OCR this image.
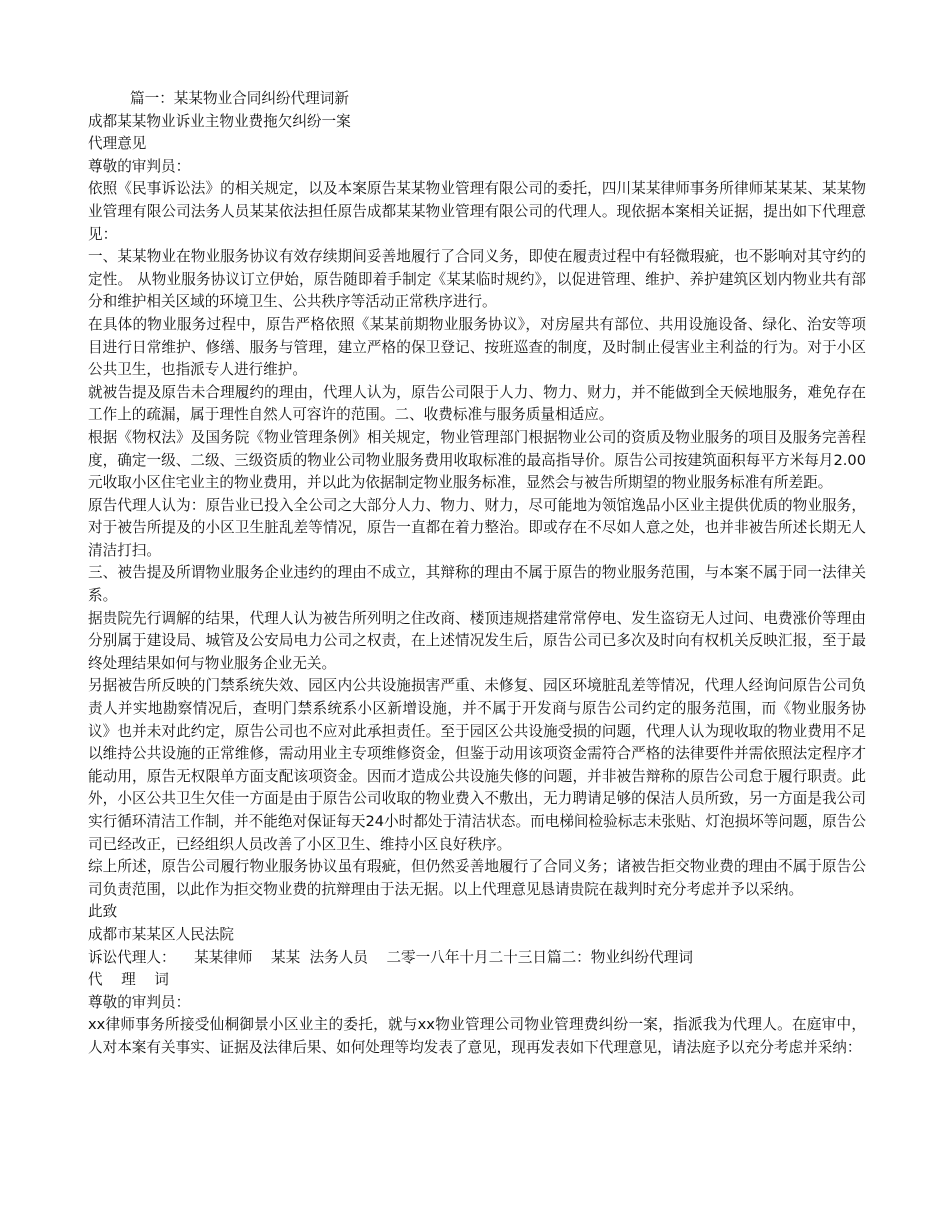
篇一：某某物业合同纠纷代理词新

成都某某物业诉业主物业费拖欠纠纷一案

代理意见

尊敬的审判员：

依照《民事诉讼法》的相关规定，以及本案原告某某物业管理有限公司的委托，四川某某律师事务所律师某某某、某某物业管理有限公司法务人员某某依法担任原告成都某某物业管理有限公司的代理人。现依据本案相关证据，提出如下代理意见：

一、某某物业在物业服务协议有效存续期间妥善地履行了合同义务，即使在履责过程中有轻微瑕疵，也不影响对其守约的定性。 从物业服务协议订立伊始，原告随即着手制定《某某临时规约》，以促进管理、维护、养护建筑区划内物业共有部分和维护相关区域的环境卫生、公共秩序等活动正常秩序进行。

在具体的物业服务过程中，原告严格依照《某某前期物业服务协议》，对房屋共有部位、共用设施设备、绿化、治安等项目进行日常维护、修缮、服务与管理，建立严格的保卫登记、按班巡查的制度，及时制止侵害业主利益的行为。对于小区公共卫生，也指派专人进行维护。

就被告提及原告未合理履约的理由，代理人认为，原告公司限于人力、物力、财力，并不能做到全天候地服务，难免存在工作上的疏漏，属于理性自然人可容许的范围。二、收费标准与服务质量相适应。

根据《物权法》及国务院《物业管理条例》相关规定，物业管理部门根据物业公司的资质及物业服务的项目及服务完善程度，确定一级、二级、三级资质的物业公司物业服务费用收取标准的最高指导价。原告公司按建筑面积每平方米每月2.00元收取小区住宅业主的物业费用，并以此为依据制定物业服务标准，显然会与被告所期望的物业服务标准有所差距。

原告代理人认为：原告业已投入全公司之大部分人力、物力、财力，尽可能地为领馆逸品小区业主提供优质的物业服务，对于被告所提及的小区卫生脏乱差等情况，原告一直都在着力整治。即或存在不尽如人意之处，也并非被告所述长期无人清洁打扫。

三、被告提及所谓物业服务企业违约的理由不成立，其辩称的理由不属于原告的物业服务范围，与本案不属于同一法律关系。

据贵院先行调解的结果，代理人认为被告所列明之住改商、楼顶违规搭建常常停电、发生盗窃无人过问、电费涨价等理由分别属于建设局、城管及公安局电力公司之权责，在上述情况发生后，原告公司已多次及时向有权机关反映汇报，至于最终处理结果如何与物业服务企业无关。

另据被告所反映的门禁系统失效、园区内公共设施损害严重、未修复、园区环境脏乱差等情况，代理人经询问原告公司负责人并实地勘察情况后，查明门禁系统系小区新增设施，并不属于开发商与原告公司约定的服务范围，而《物业服务协议》也并未对此约定，原告公司也不应对此承担责任。至于园区公共设施受损的问题，代理人认为现收取的物业费用不足以维持公共设施的正常维修，需动用业主专项维修资金，但鉴于动用该项资金需符合严格的法律要件并需依照法定程序才能动用，原告无权限单方面支配该项资金。因而才造成公共设施失修的问题，并非被告辩称的原告公司怠于履行职责。此外，小区公共卫生欠佳一方面是由于原告公司收取的物业费入不敷出，无力聘请足够的保洁人员所致，另一方面是我公司实行循环清洁工作制，并不能绝对保证每天24小时都处于清洁状态。而电梯间检验标志未张贴、灯泡损坏等问题，原告公司已经改正，已经组织人员改善了小区卫生、维持小区良好秩序。

综上所述，原告公司履行物业服务协议虽有瑕疵，但仍然妥善地履行了合同义务；诸被告拒交物业费的理由不属于原告公司负责范围，以此作为拒交物业费的抗辩理由于法无据。以上代理意见恳请贵院在裁判时充分考虑并予以采纳。

此致

成都市某某区人民法院

诉讼代理人：    某某律师    某某  法务人员    二零一八年十月二十三日篇二：物业纠纷代理词

代    理    词

尊敬的审判员：

xx律师事务所接受仙桐御景小区业主的委托，就与xx物业管理公司物业管理费纠纷一案，指派我为代理人。在庭审中，人对本案有关事实、证据及法律后果、如何处理等均发表了意见，现再发表如下代理意见，请法庭予以充分考虑并采纳：
